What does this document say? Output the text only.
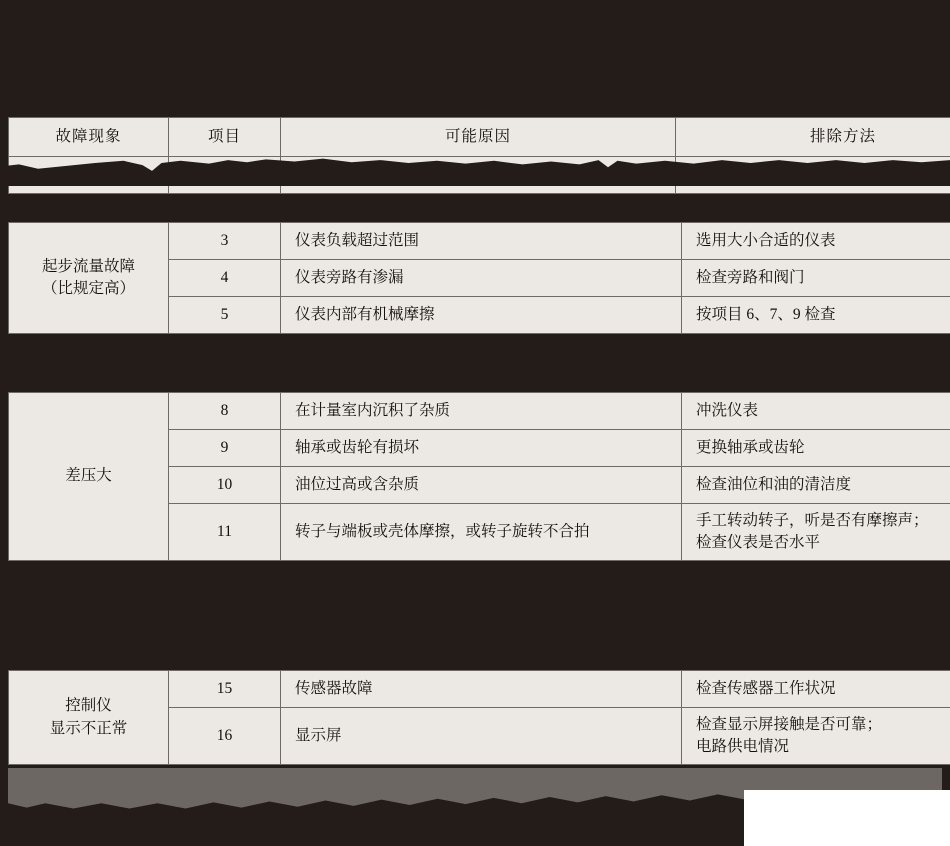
故障现象	项目	可能原因	排除方法

起步流量故障
（比规定高）	3	仪表负载超过范围	选用大小合适的仪表
	4	仪表旁路有渗漏	检查旁路和阀门
	5	仪表内部有机械摩擦	按项目 6、7、9 检查
差压大	8	在计量室内沉积了杂质	冲洗仪表
	9	轴承或齿轮有损坏	更换轴承或齿轮
	10	油位过高或含杂质	检查油位和油的清洁度
	11	转子与端板或壳体摩擦，或转子旋转不合拍	手工转动转子，听是否有摩擦声；
检查仪表是否水平
控制仪
显示不正常	15	传感器故障	检查传感器工作状况
	16	显示屏	检查显示屏接触是否可靠；
电路供电情况
